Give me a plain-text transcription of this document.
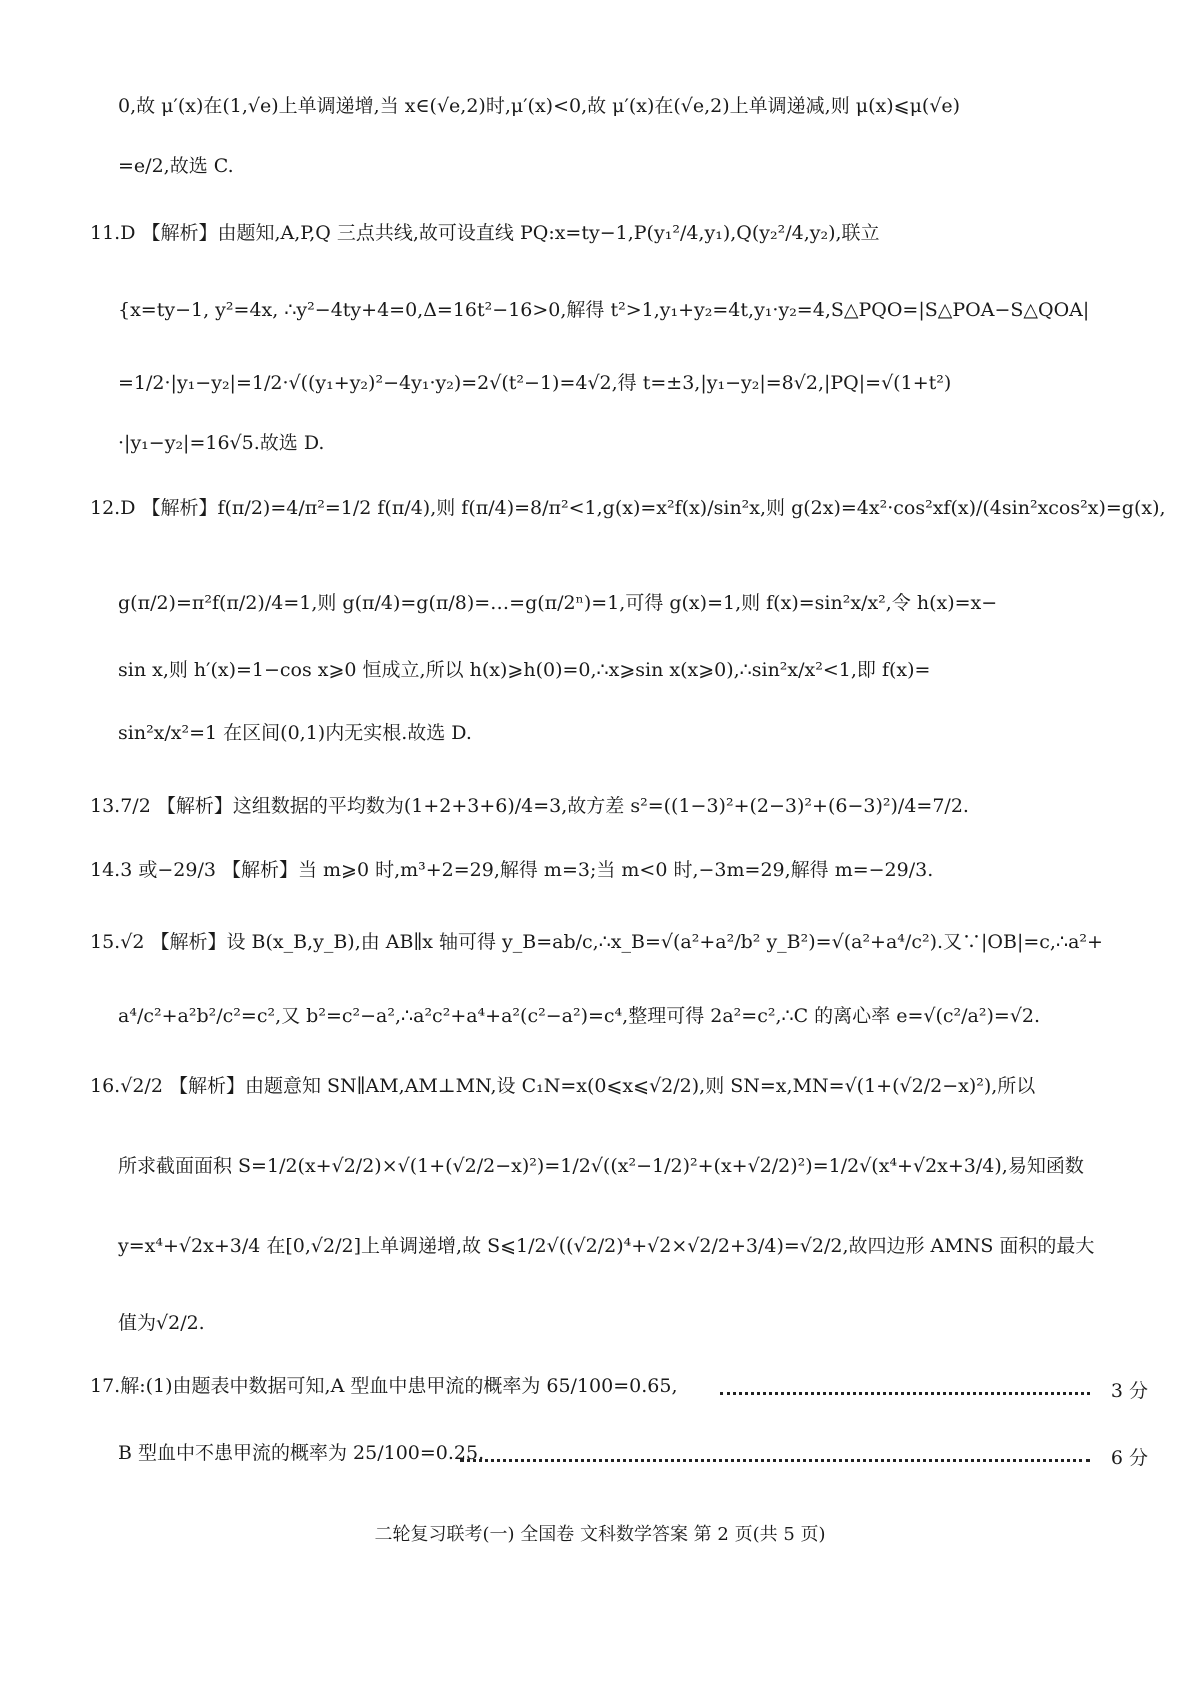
0,故 μ′(x)在(1,√e)上单调递增,当 x∈(√e,2)时,μ′(x)<0,故 μ′(x)在(√e,2)上单调递减,则 μ(x)⩽μ(√e)
=e/2,故选 C.
11.D 【解析】由题知,A,P,Q 三点共线,故可设直线 PQ:x=ty−1,P(y₁²/4,y₁),Q(y₂²/4,y₂),联立
{x=ty−1, y²=4x, ∴y²−4ty+4=0,Δ=16t²−16>0,解得 t²>1,y₁+y₂=4t,y₁·y₂=4,S△PQO=|S△POA−S△QOA|
=1/2·|y₁−y₂|=1/2·√((y₁+y₂)²−4y₁·y₂)=2√(t²−1)=4√2,得 t=±3,|y₁−y₂|=8√2,|PQ|=√(1+t²)
·|y₁−y₂|=16√5.故选 D.
12.D 【解析】f(π/2)=4/π²=1/2 f(π/4),则 f(π/4)=8/π²<1,g(x)=x²f(x)/sin²x,则 g(2x)=4x²·cos²xf(x)/(4sin²xcos²x)=g(x),
g(π/2)=π²f(π/2)/4=1,则 g(π/4)=g(π/8)=…=g(π/2ⁿ)=1,可得 g(x)=1,则 f(x)=sin²x/x²,令 h(x)=x−
sin x,则 h′(x)=1−cos x⩾0 恒成立,所以 h(x)⩾h(0)=0,∴x⩾sin x(x⩾0),∴sin²x/x²<1,即 f(x)=
sin²x/x²=1 在区间(0,1)内无实根.故选 D.
13.7/2 【解析】这组数据的平均数为(1+2+3+6)/4=3,故方差 s²=((1−3)²+(2−3)²+(6−3)²)/4=7/2.
14.3 或−29/3 【解析】当 m⩾0 时,m³+2=29,解得 m=3;当 m<0 时,−3m=29,解得 m=−29/3.
15.√2 【解析】设 B(x_B,y_B),由 AB∥x 轴可得 y_B=ab/c,∴x_B=√(a²+a²/b² y_B²)=√(a²+a⁴/c²).又∵|OB|=c,∴a²+
a⁴/c²+a²b²/c²=c²,又 b²=c²−a²,∴a²c²+a⁴+a²(c²−a²)=c⁴,整理可得 2a²=c²,∴C 的离心率 e=√(c²/a²)=√2.
16.√2/2 【解析】由题意知 SN∥AM,AM⊥MN,设 C₁N=x(0⩽x⩽√2/2),则 SN=x,MN=√(1+(√2/2−x)²),所以
所求截面面积 S=1/2(x+√2/2)×√(1+(√2/2−x)²)=1/2√((x²−1/2)²+(x+√2/2)²)=1/2√(x⁴+√2x+3/4),易知函数
y=x⁴+√2x+3/4 在[0,√2/2]上单调递增,故 S⩽1/2√((√2/2)⁴+√2×√2/2+3/4)=√2/2,故四边形 AMNS 面积的最大
值为√2/2.
17.解:(1)由题表中数据可知,A 型血中患甲流的概率为 65/100=0.65,	3 分
B 型血中不患甲流的概率为 25/100=0.25.	6 分
二轮复习联考(一) 全国卷 文科数学答案 第 2 页(共 5 页)
